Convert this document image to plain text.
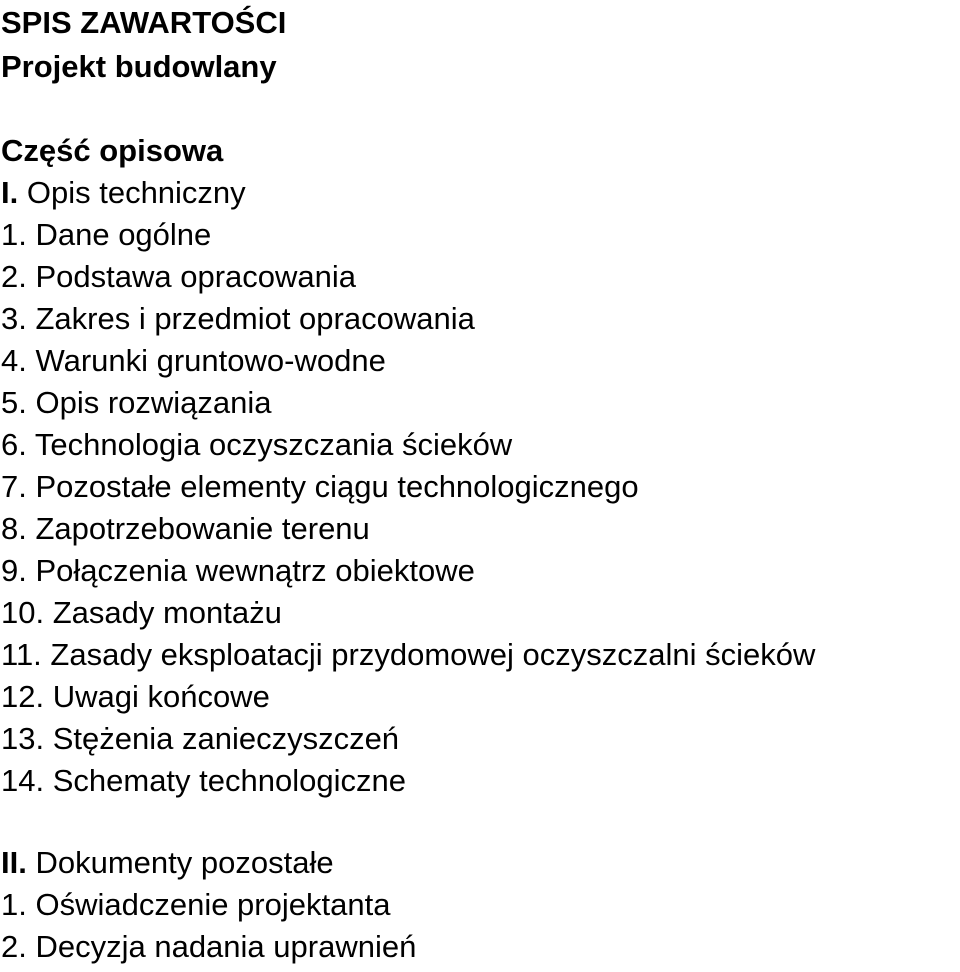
SPIS ZAWARTOŚCI

Projekt budowlany

Część opisowa

I. Opis techniczny

1. Dane ogólne

2. Podstawa opracowania

3. Zakres i przedmiot opracowania

4. Warunki gruntowo-wodne

5. Opis rozwiązania

6. Technologia oczyszczania ścieków

7. Pozostałe elementy ciągu technologicznego

8. Zapotrzebowanie terenu

9. Połączenia wewnątrz obiektowe

10. Zasady montażu

11. Zasady eksploatacji przydomowej oczyszczalni ścieków

12. Uwagi końcowe

13. Stężenia zanieczyszczeń

14. Schematy technologiczne

II. Dokumenty pozostałe

1. Oświadczenie projektanta

2. Decyzja nadania uprawnień
